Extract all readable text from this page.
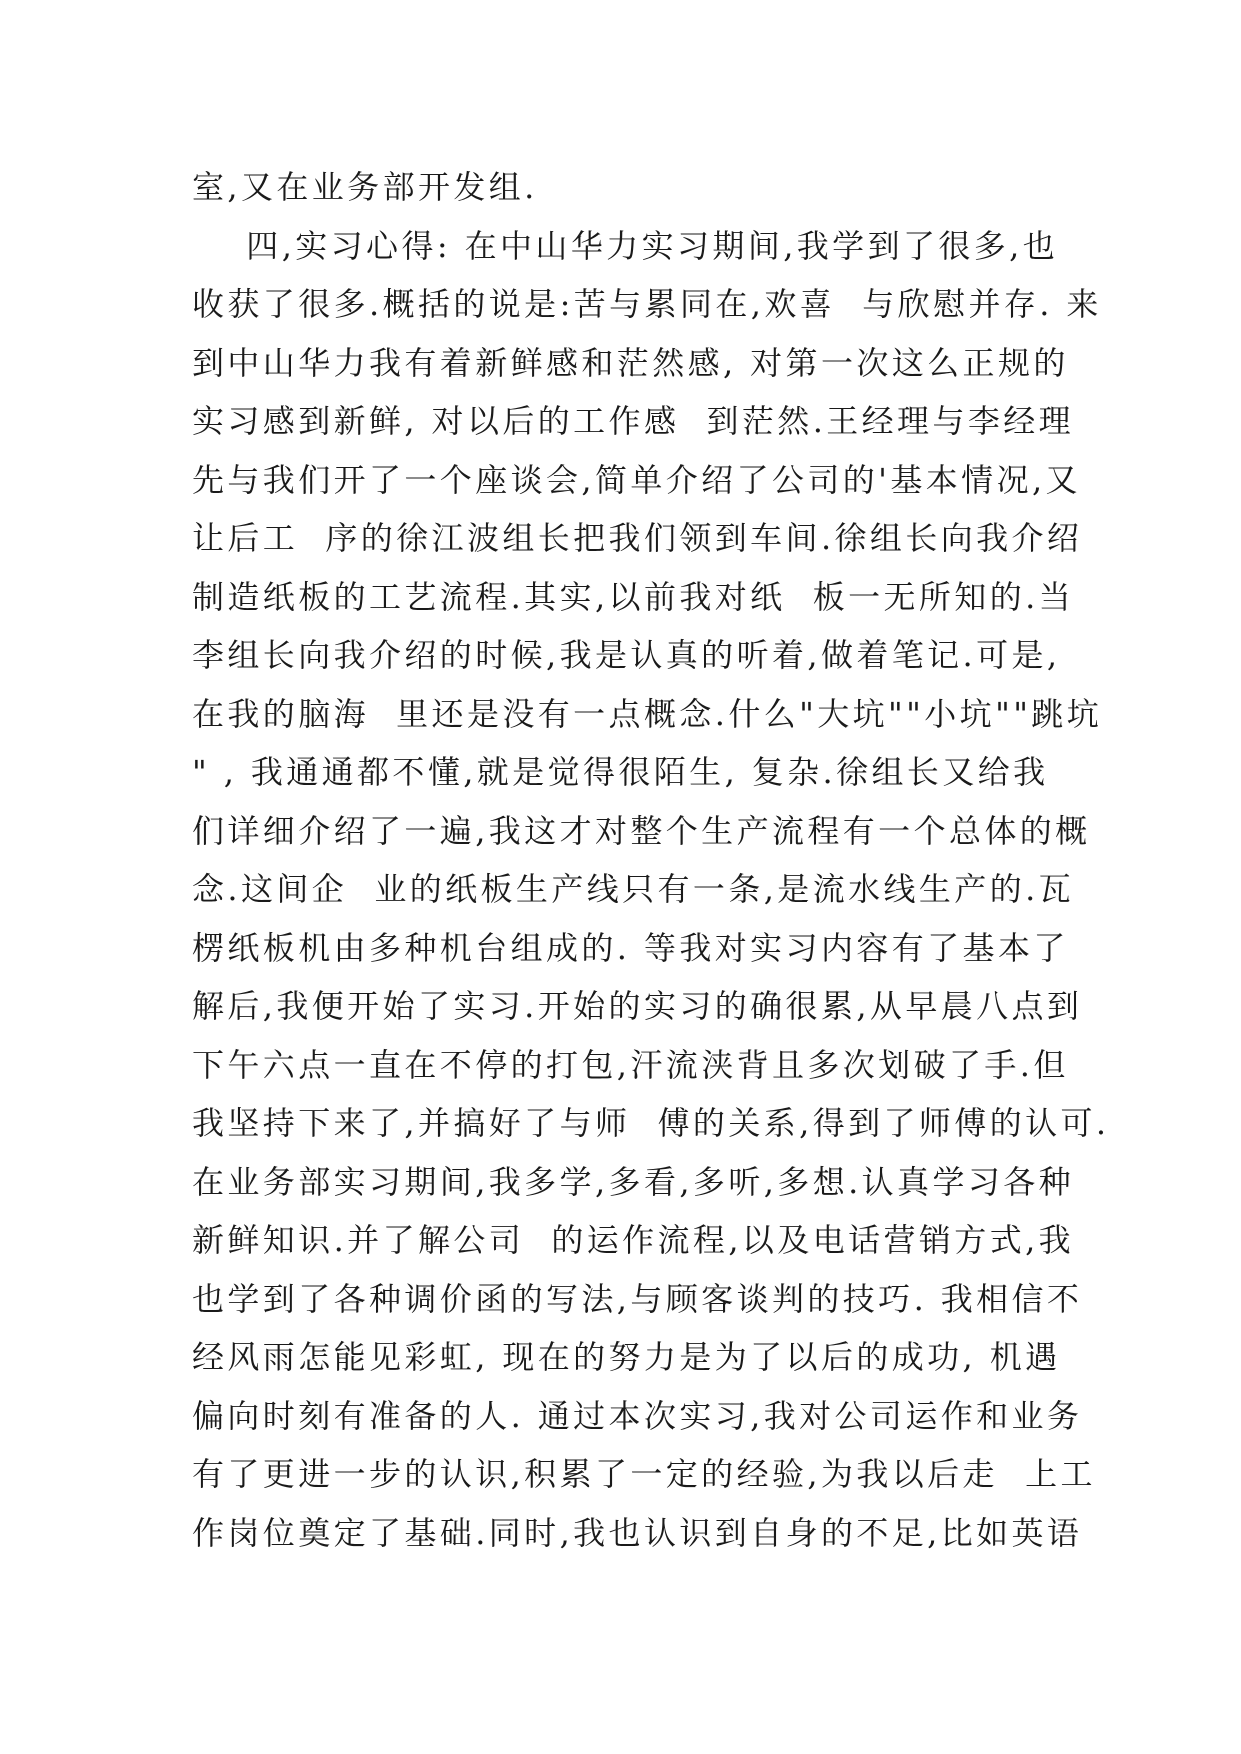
室,又在业务部开发组.
四,实习心得: 在中山华力实习期间,我学到了很多,也
收获了很多.概括的说是:苦与累同在,欢喜  与欣慰并存. 来
到中山华力我有着新鲜感和茫然感, 对第一次这么正规的
实习感到新鲜, 对以后的工作感  到茫然.王经理与李经理
先与我们开了一个座谈会,简单介绍了公司的'基本情况,又
让后工  序的徐江波组长把我们领到车间.徐组长向我介绍
制造纸板的工艺流程.其实,以前我对纸  板一无所知的.当
李组长向我介绍的时候,我是认真的听着,做着笔记.可是,
在我的脑海  里还是没有一点概念.什么"大坑""小坑""跳坑
" , 我通通都不懂,就是觉得很陌生, 复杂.徐组长又给我
们详细介绍了一遍,我这才对整个生产流程有一个总体的概
念.这间企  业的纸板生产线只有一条,是流水线生产的.瓦
楞纸板机由多种机台组成的. 等我对实习内容有了基本了
解后,我便开始了实习.开始的实习的确很累,从早晨八点到
下午六点一直在不停的打包,汗流浃背且多次划破了手.但
我坚持下来了,并搞好了与师  傅的关系,得到了师傅的认可.
在业务部实习期间,我多学,多看,多听,多想.认真学习各种
新鲜知识.并了解公司  的运作流程,以及电话营销方式,我
也学到了各种调价函的写法,与顾客谈判的技巧. 我相信不
经风雨怎能见彩虹, 现在的努力是为了以后的成功, 机遇
偏向时刻有准备的人. 通过本次实习,我对公司运作和业务
有了更进一步的认识,积累了一定的经验,为我以后走  上工
作岗位奠定了基础.同时,我也认识到自身的不足,比如英语
